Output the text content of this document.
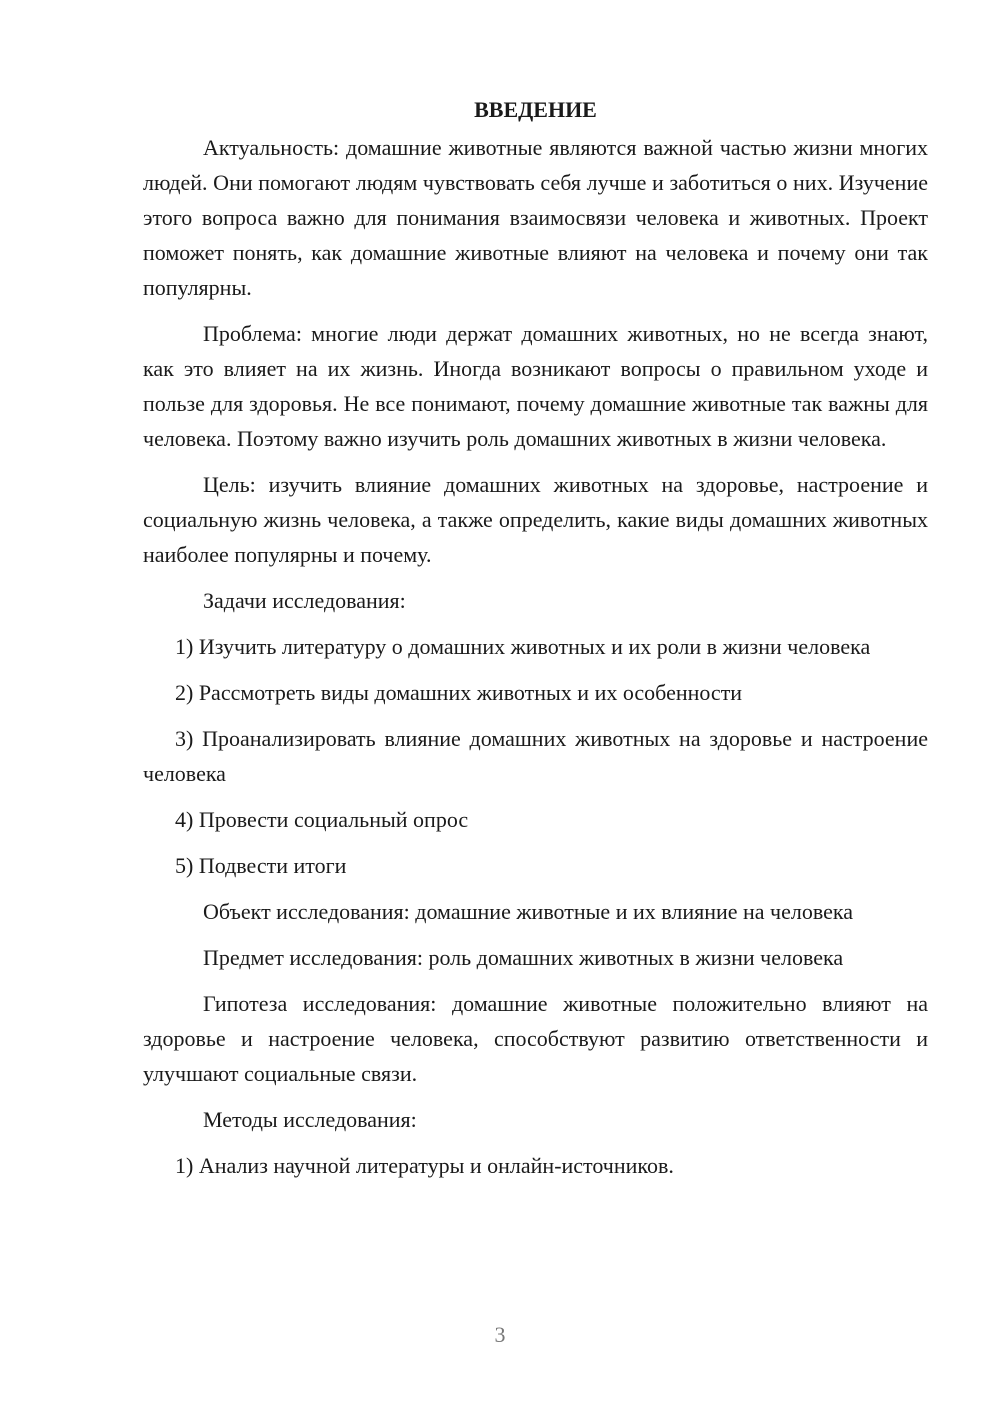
ВВЕДЕНИЕ

Актуальность: домашние животные являются важной частью жизни многих людей. Они помогают людям чувствовать себя лучше и заботиться о них. Изучение этого вопроса важно для понимания взаимосвязи человека и животных. Проект поможет понять, как домашние животные влияют на человека и почему они так популярны.

Проблема: многие люди держат домашних животных, но не всегда знают, как это влияет на их жизнь. Иногда возникают вопросы о правильном уходе и пользе для здоровья. Не все понимают, почему домашние животные так важны для человека. Поэтому важно изучить роль домашних животных в жизни человека.

Цель: изучить влияние домашних животных на здоровье, настроение и социальную жизнь человека, а также определить, какие виды домашних животных наиболее популярны и почему.

Задачи исследования:

1) Изучить литературу о домашних животных и их роли в жизни человека

2) Рассмотреть виды домашних животных и их особенности

3) Проанализировать влияние домашних животных на здоровье и настроение человека

4) Провести социальный опрос

5) Подвести итоги

Объект исследования: домашние животные и их влияние на человека

Предмет исследования: роль домашних животных в жизни человека

Гипотеза исследования: домашние животные положительно влияют на здоровье и настроение человека, способствуют развитию ответственности и улучшают социальные связи.

Методы исследования:

1) Анализ научной литературы и онлайн-источников.

3
